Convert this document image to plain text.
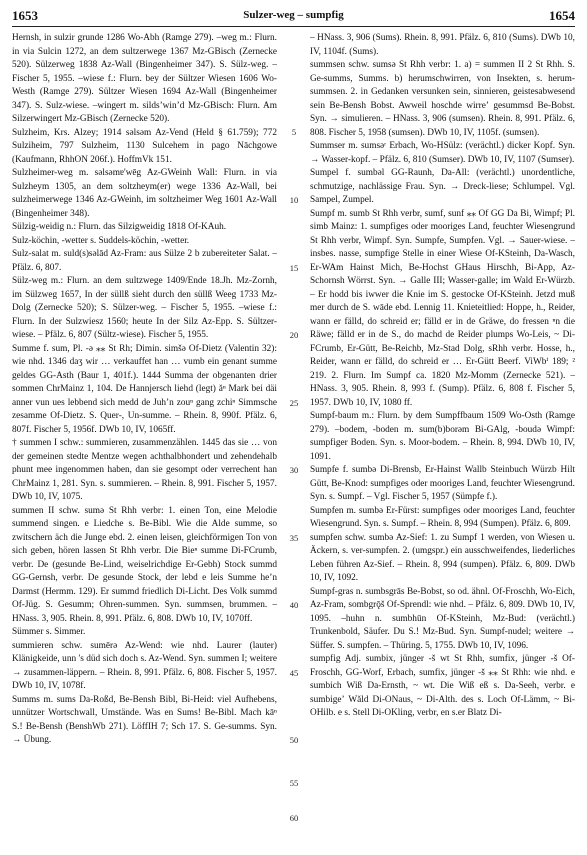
1653	Sulzer-weg – sumpfig	1654

Hernsh, in sulzir grunde 1286 Wo-Abh (Ramge 279). –weg m.: Flurn. in via Sulcin 1272, an dem sultzerwege 1367 Mz-GBisch (Zernecke 520). Sülzerweg 1838 Az-Wall (Bingenheimer 347). S. Sülz-weg. – Fischer 5, 1955. –wiese f.: Flurn. bey der Sültzer Wiesen 1606 Wo-Westh (Ramge 279). Sültzer Wiesen 1694 Az-Wall (Bingenheimer 347). S. Sulz-wiese. –wingert m. sildsʼwinʼd Mz-GBisch: Flurn. Am Silzerwingert Mz-GBisch (Zernecke 520).

Sulzheim, Krs. Alzey; 1914 səlsəm Az-Vend (Held § 61.759); 772 Sulziheim, 797 Sulzheim, 1130 Sulcehem in pago Nāchgowe (Kaufmann, RhhON 206f.). HoffmVk 151.

Sulzheimer-weg m. səlsəmɐ'wēg Az-GWeinh Wall: Flurn. in via Sulzheym 1305, an dem soltzheym(er) wege 1336 Az-Wall, bei sulzheimerwege 1346 Az-GWeinh, im soltzheimer Weg 1601 Az-Wall (Bingenheimer 348).

Sülzig-weidig n.: Flurn. das Silzigweidig 1818 Of-KAuh.

Sulz-köchin, -wetter s. Suddels-köchin, -wetter.

Sulz-salat m. suld(s)səlād Az-Fram: aus Sülze 2 b zubereiteter Salat. – Pfälz. 6, 807.

Sülz-weg m.: Flurn. an dem sultzwege 1409/Ende 18.Jh. Mz-Zornh, im Sülzweg 1657, In der süllß sieht durch den süllß Weeg 1733 Mz-Dolg (Zernecke 520); S. Sülzer-weg. – Fischer 5, 1955. –wiese f.: Flurn. In der Sulzwiesz 1560; heute In der Silz Az-Epp. S. Sültzer-wiese. – Pfälz. 6, 807 (Sültz-wiese). Fischer 5, 1955.

Summe f. sum, Pl. -ə ⁎⁎ St Rh; Dimin. simšə Of-Dietz (Valentin 32): wie nhd. 1346 daʒ wir … verkauffet han … vumb ein genant summe geldes GG-Asth (Baur 1, 401f.). 1444 Summa der obgenanten drier sommen ChrMainz 1, 104. De Hannjersch liehd (legt) ăⁿ Mark bei däi anner vun ues lebbend sich medd de Juhʼn zouⁿ gang zchiⁿ Simmsche zesamme Of-Dietz. S. Quer-, Un-summe. – Rhein. 8, 990f. Pfälz. 6, 807f. Fischer 5, 1956f. DWb 10, IV, 1065ff.

† summen I schw.: summieren, zusammenzählen. 1445 das sie … von der gemeinen stedte Mentze wegen achthalbhondert und zehendehalb phunt mee ingenommen haben, dan sie gesompt oder verrechent han ChrMainz 1, 281. Syn. s. summieren. – Rhein. 8, 991. Fischer 5, 1957. DWb 10, IV, 1075.

summen II schw. sumə St Rhh verbr: 1. einen Ton, eine Melodie summend singen. e Liedche s. Be-Bibl. Wie die Alde summe, so zwitschern äch die Junge ebd. 2. einen leisen, gleichförmigen Ton von sich geben, hören lassen St Rhh verbr. Die Bieⁿ summe Di-FCrumb, verbr. De (gesunde Be-Lind, weiselrichdige Er-Gebh) Stock summd GG-Gernsh, verbr. De gesunde Stock, der lebd e leis Summe heʼn Darmst (Hermm. 129). Er summd friedlich Di-Licht. Des Volk summd Of-Jüg. S. Gesumm; Ohren-summen. Syn. summsen, brummen. – HNass. 3, 905. Rhein. 8, 991. Pfälz. 6, 808. DWb 10, IV, 1070ff.

Sümmer s. Simmer.

summieren schw. sumērə Az-Wend: wie nhd. Laurer (lauter) Klänigkeide, unn 's düd sich doch s. Az-Wend. Syn. summen I; weitere → zusammen-läppern. – Rhein. 8, 991. Pfälz. 6, 808. Fischer 5, 1957. DWb 10, IV, 1078f.

Summs m. sums Da-Roßd, Be-Bensh Bibl, Bi-Heid: viel Aufhebens, unnützer Wortschwall, Umstände. Was en Sums! Be-Bibl. Mach kāⁿ S.! Be-Bensh (BenshWb 271). LöffIH 7; Sch 17. S. Ge-summs. Syn. → Übung.

5
10
15
20
25
30
35
40
45
50
55
60

– HNass. 3, 906 (Sums). Rhein. 8, 991. Pfälz. 6, 810 (Sums). DWb 10, IV, 1104f. (Sums).

summsen schw. sumsə St Rhh verbr: 1. a) = summen II 2 St Rhh. S. Ge-summs, Summs. b) herumschwirren, von Insekten, s. herum-summsen. 2. in Gedanken versunken sein, sinnieren, geistesabwesend sein Be-Bensh Bobst. Awweil hoschde wirreʼ gesummsd Be-Bobst. Syn. → simulieren. – HNass. 3, 906 (sumsen). Rhein. 8, 991. Pfälz. 6, 808. Fischer 5, 1958 (sumsen). DWb 10, IV, 1105f. (sumsen).

Summser m. sumsəʳ Erbach, Wo-HSülz: (verächtl.) dicker Kopf. Syn. → Wasser-kopf. – Pfälz. 6, 810 (Sumser). DWb 10, IV, 1107 (Sumser).

Sumpel f. sumbəl GG-Raunh, Da-All: (verächtl.) unordentliche, schmutzige, nachlässige Frau. Syn. → Dreck-liese; Schlumpel. Vgl. Sampel, Zumpel.

Sumpf m. sumb St Rhh verbr, sumf, sunf ⁎⁎ Of GG Da Bi, Wimpf; Pl. simb Mainz: 1. sumpfiges oder mooriges Land, feuchter Wiesengrund St Rhh verbr, Wimpf. Syn. Sumpfe, Sumpfen. Vgl. → Sauer-wiese. – insbes. nasse, sumpfige Stelle in einer Wiese Of-KSteinh, Da-Wasch, Er-WAm Hainst Mich, Be-Hochst GHaus Hirschh, Bi-App, Az-Schornsh Wörrst. Syn. → Galle III; Wasser-galle; im Wald Er-Würzb. – Er hodd bis iwwer die Knie im S. gestocke Of-KSteinh. Jetzd muß mer durch de S. wāde ebd. Lennig 11. Knieteitlied: Hoppe, h., Reider, wann er fälld, do schreid er; fälld er in de Gräwe, do fressen ⁿn die Räwe; fälld er in de S., do machd de Reider plumps Wo-Leis, ~ Di-FCrumb, Er-Gütt, Be-Reichb, Mz-Stad Dolg, sRhh verbr. Hosse, h., Reider, wann er fälld, do schreid er … Er-Gütt Beerf. ViWbⁱ 189; ² 219. 2. Flurn. Im Sumpf ca. 1820 Mz-Momm (Zernecke 521). – HNass. 3, 905. Rhein. 8, 993 f. (Sump). Pfälz. 6, 808 f. Fischer 5, 1957. DWb 10, IV, 1080 ff.

Sumpf-baum m.: Flurn. by dem Sumpffbaum 1509 Wo-Osth (Ramge 279). –bodem, -boden m. sum(b)borəm Bi-GAlg, -boudə Wimpf: sumpfiger Boden. Syn. s. Moor-bodem. – Rhein. 8, 994. DWb 10, IV, 1091.

Sumpfe f. sumbə Di-Brensb, Er-Hainst Wallb Steinbuch Würzb Hilt Gütt, Be-Knod: sumpfiges oder mooriges Land, feuchter Wiesengrund. Syn. s. Sumpf. – Vgl. Fischer 5, 1957 (Sümpfe f.).

Sumpfen m. sumbə Er-Fürst: sumpfiges oder mooriges Land, feuchter Wiesengrund. Syn. s. Sumpf. – Rhein. 8, 994 (Sumpen). Pfälz. 6, 809.

sumpfen schw. sumbə Az-Sief: 1. zu Sumpf 1 werden, von Wiesen u. Äckern, s. ver-sumpfen. 2. (umgspr.) ein ausschweifendes, liederliches Leben führen Az-Sief. – Rhein. 8, 994 (sumpen). Pfälz. 6, 809. DWb 10, IV, 1092.

Sumpf-gras n. sumbsgrās Be-Bobst, so od. ähnl. Of-Froschh, Wo-Eich, Az-Fram, sombgrǭš Of-Sprendl: wie nhd. – Pfälz. 6, 809. DWb 10, IV, 1095. –huhn n. sumbhūn Of-KSteinh, Mz-Bud: (verächtl.) Trunkenbold, Säufer. Du S.! Mz-Bud. Syn. Sumpf-nudel; weitere → Süffer. S. sumpfen. – Thüring. 5, 1755. DWb 10, IV, 1096.

sumpfig Adj. sumbix, jünger -š wt St Rhh, sumfix, jünger -š Of-Froschh, GG-Worf, Erbach, sumfix, jünger -š ⁎⁎ St Rhh: wie nhd. e sumbich Wiß Da-Ernsth, ~ wt. Die Wiß eß s. Da-Seeh, verbr. e sumbigeʼ Wăld Di-ONaus, ~ Di-Alth. des s. Loch Of-Lämm, ~ Bi-OHilb. e s. Stell Di-OKling, verbr, en s.er Blatz Di-
